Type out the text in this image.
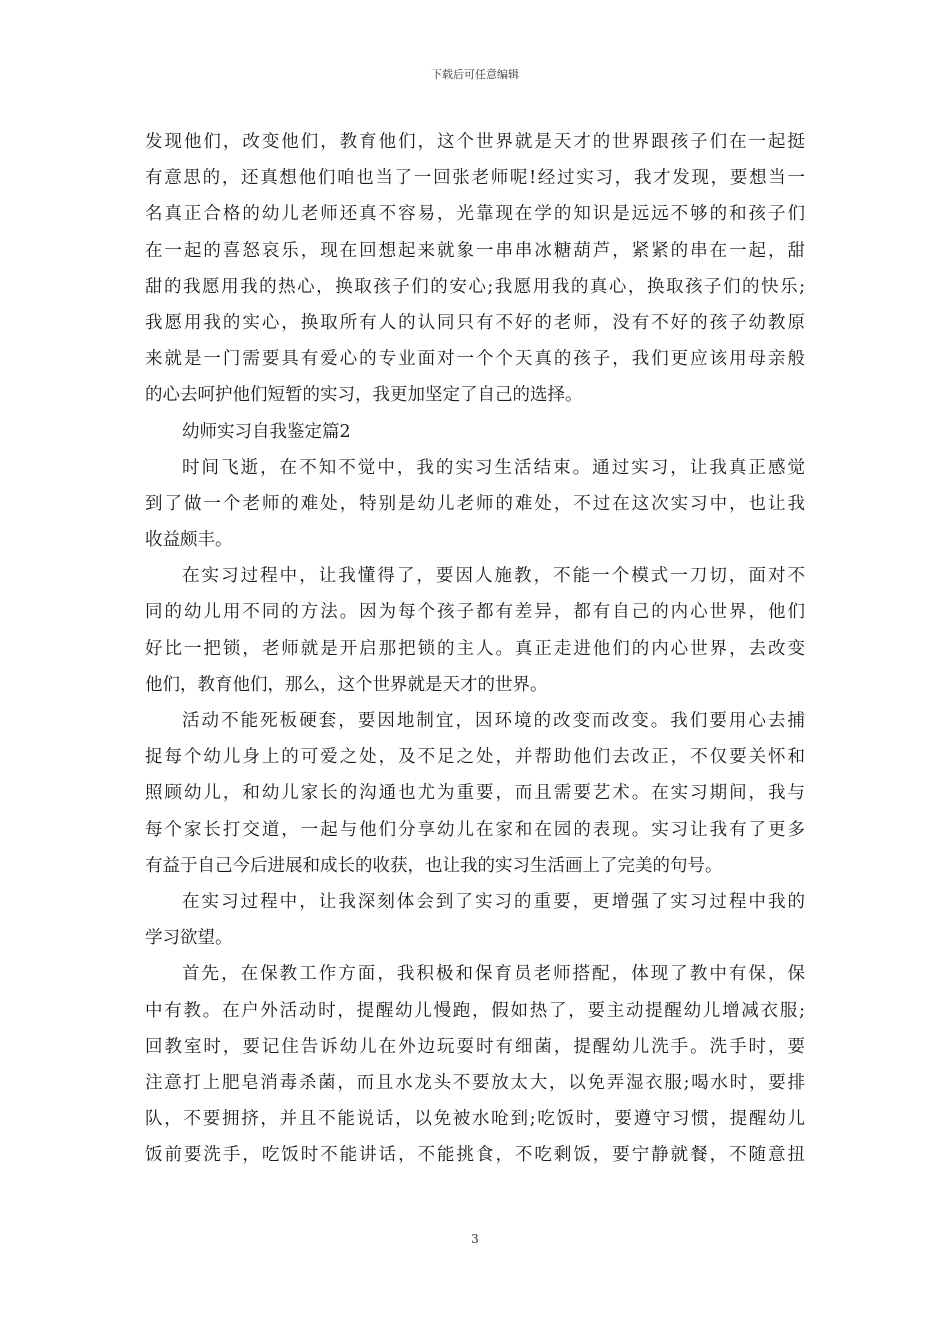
下载后可任意编辑
发现他们，改变他们，教育他们，这个世界就是天才的世界跟孩子们在一起挺
有意思的，还真想他们咱也当了一回张老师呢!经过实习，我才发现，要想当一
名真正合格的幼儿老师还真不容易，光靠现在学的知识是远远不够的和孩子们
在一起的喜怒哀乐，现在回想起来就象一串串冰糖葫芦，紧紧的串在一起，甜
甜的我愿用我的热心，换取孩子们的安心;我愿用我的真心，换取孩子们的快乐;
我愿用我的实心，换取所有人的认同只有不好的老师，没有不好的孩子幼教原
来就是一门需要具有爱心的专业面对一个个天真的孩子，我们更应该用母亲般
的心去呵护他们短暂的实习，我更加坚定了自己的选择。
幼师实习自我鉴定篇2
时间飞逝，在不知不觉中，我的实习生活结束。通过实习，让我真正感觉
到了做一个老师的难处，特别是幼儿老师的难处，不过在这次实习中，也让我
收益颇丰。
在实习过程中，让我懂得了，要因人施教，不能一个模式一刀切，面对不
同的幼儿用不同的方法。因为每个孩子都有差异，都有自己的内心世界，他们
好比一把锁，老师就是开启那把锁的主人。真正走进他们的内心世界，去改变
他们，教育他们，那么，这个世界就是天才的世界。
活动不能死板硬套，要因地制宜，因环境的改变而改变。我们要用心去捕
捉每个幼儿身上的可爱之处，及不足之处，并帮助他们去改正，不仅要关怀和
照顾幼儿，和幼儿家长的沟通也尤为重要，而且需要艺术。在实习期间，我与
每个家长打交道，一起与他们分享幼儿在家和在园的表现。实习让我有了更多
有益于自己今后进展和成长的收获，也让我的实习生活画上了完美的句号。
在实习过程中，让我深刻体会到了实习的重要，更增强了实习过程中我的
学习欲望。
首先，在保教工作方面，我积极和保育员老师搭配，体现了教中有保，保
中有教。在户外活动时，提醒幼儿慢跑，假如热了，要主动提醒幼儿增减衣服;
回教室时，要记住告诉幼儿在外边玩耍时有细菌，提醒幼儿洗手。洗手时，要
注意打上肥皂消毒杀菌，而且水龙头不要放太大，以免弄湿衣服;喝水时，要排
队，不要拥挤，并且不能说话，以免被水呛到;吃饭时，要遵守习惯，提醒幼儿
饭前要洗手，吃饭时不能讲话，不能挑食，不吃剩饭，要宁静就餐，不随意扭
3
